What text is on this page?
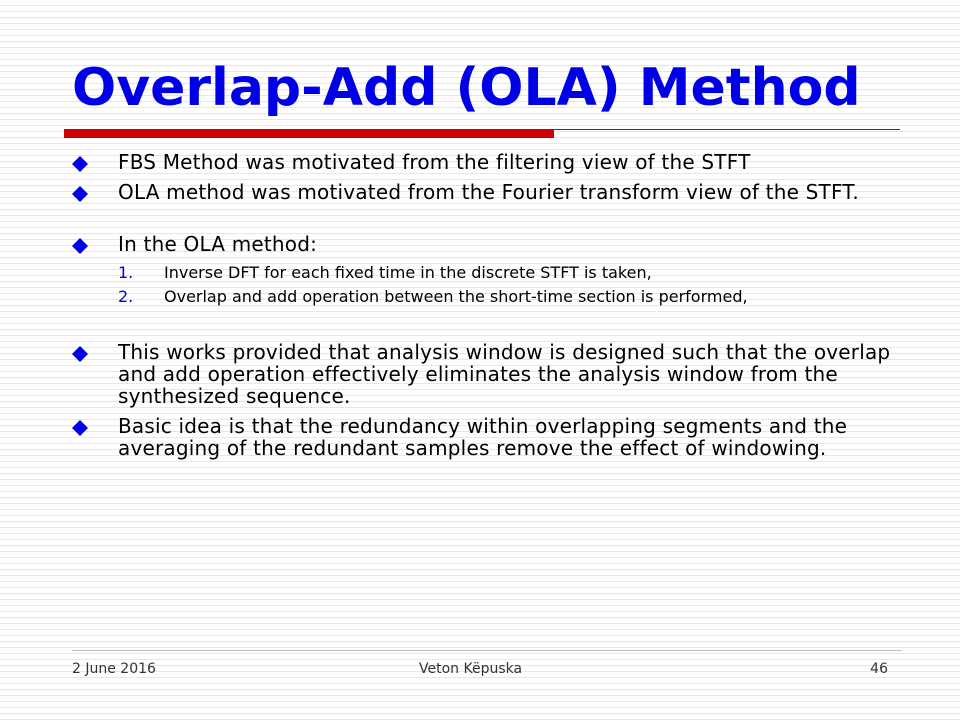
Overlap-Add (OLA) Method
FBS Method was motivated from the filtering view of the STFT
OLA method was motivated from the Fourier transform view of the STFT.
In the OLA method:
1. Inverse DFT for each fixed time in the discrete STFT is taken,
2. Overlap and add operation between the short-time section is performed,
This works provided that analysis window is designed such that the overlap and add operation effectively eliminates the analysis window from the synthesized sequence.
Basic idea is that the redundancy within overlapping segments and the averaging of the redundant samples remove the effect of windowing.
2 June 2016	Veton Këpuska	46
